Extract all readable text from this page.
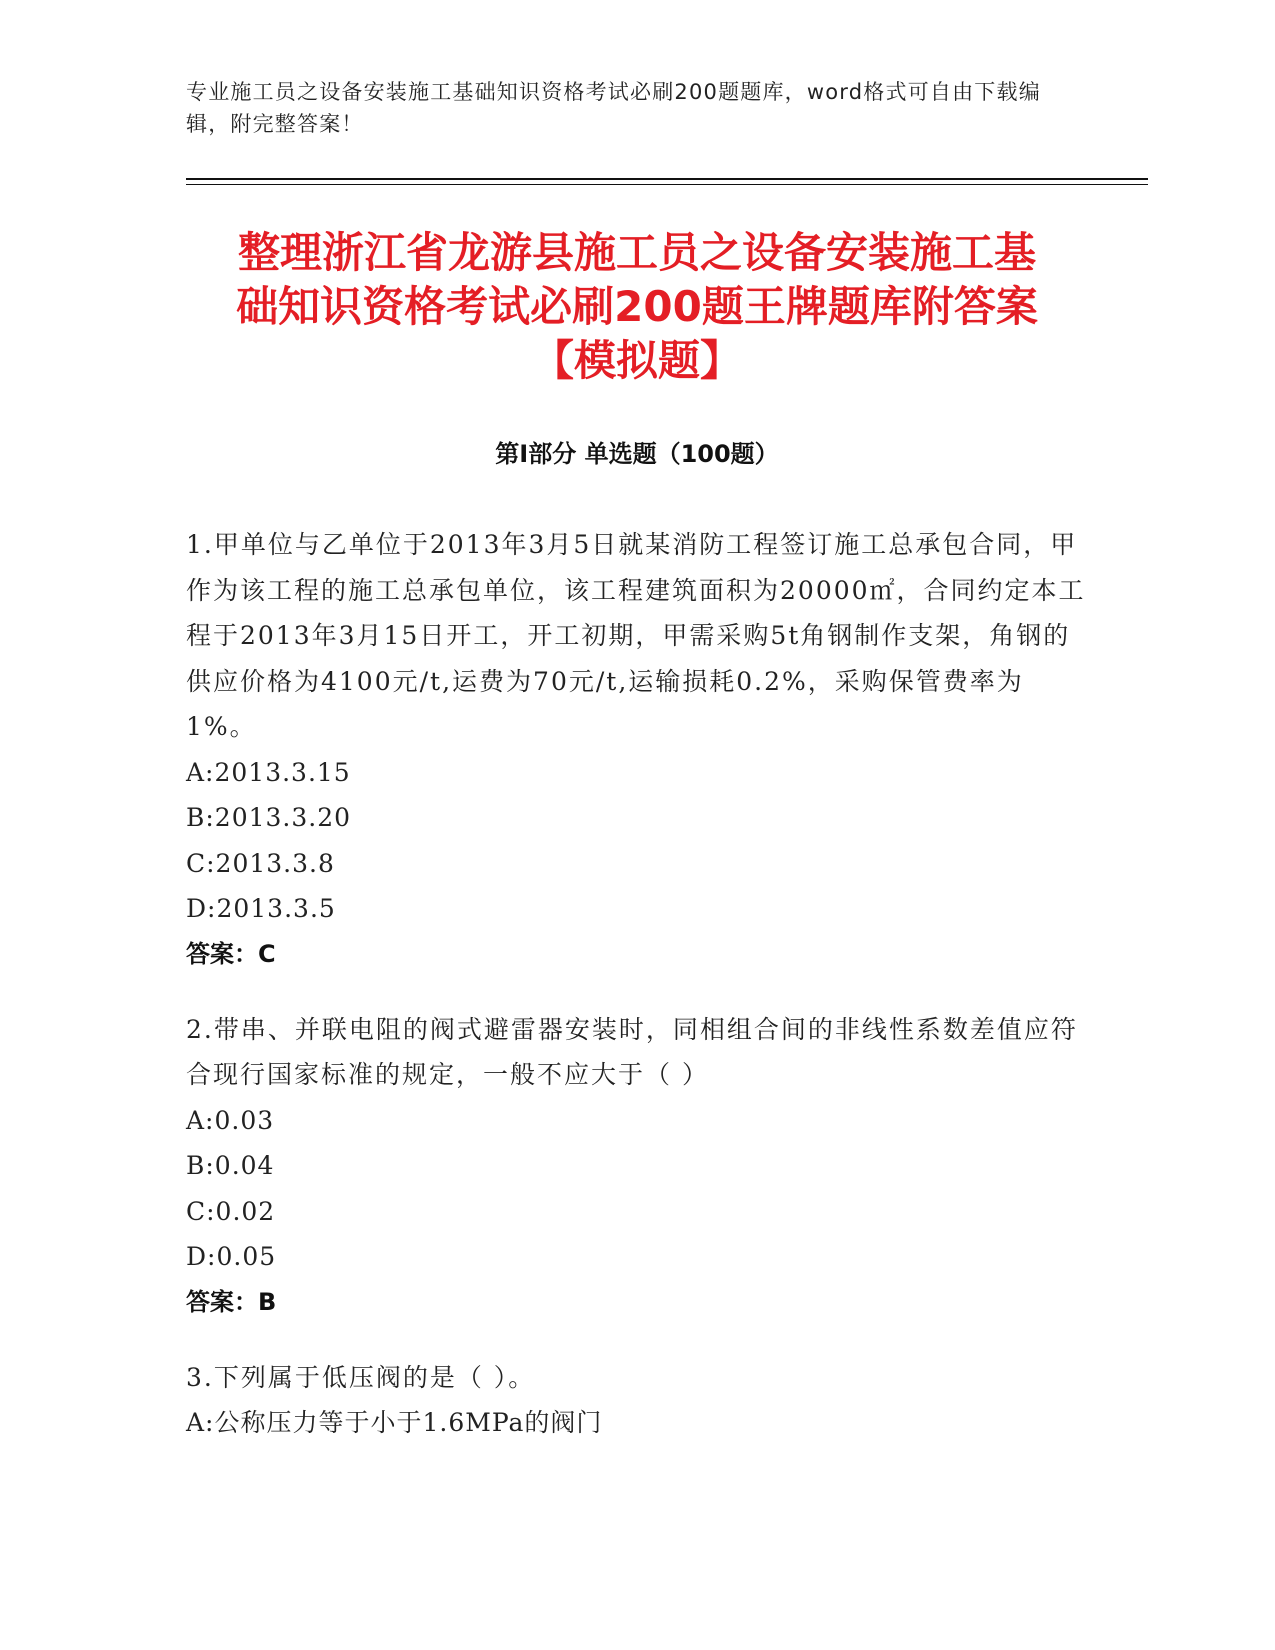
专业施工员之设备安装施工基础知识资格考试必刷200题题库，word格式可自由下载编辑，附完整答案！
整理浙江省龙游县施工员之设备安装施工基
础知识资格考试必刷200题王牌题库附答案
【模拟题】
第I部分 单选题（100题）

1.甲单位与乙单位于2013年3月5日就某消防工程签订施工总承包合同，甲作为该工程的施工总承包单位，该工程建筑面积为20000㎡，合同约定本工程于2013年3月15日开工，开工初期，甲需采购5t角钢制作支架，角钢的供应价格为4100元/t,运费为70元/t,运输损耗0.2%，采购保管费率为1%。

A:2013.3.15
B:2013.3.20
C:2013.3.8
D:2013.3.5
答案：C

2.带串、并联电阻的阀式避雷器安装时，同相组合间的非线性系数差值应符合现行国家标准的规定，一般不应大于（ ）

A:0.03
B:0.04
C:0.02
D:0.05
答案：B

3.下列属于低压阀的是（ ）。

A:公称压力等于小于1.6MPa的阀门
